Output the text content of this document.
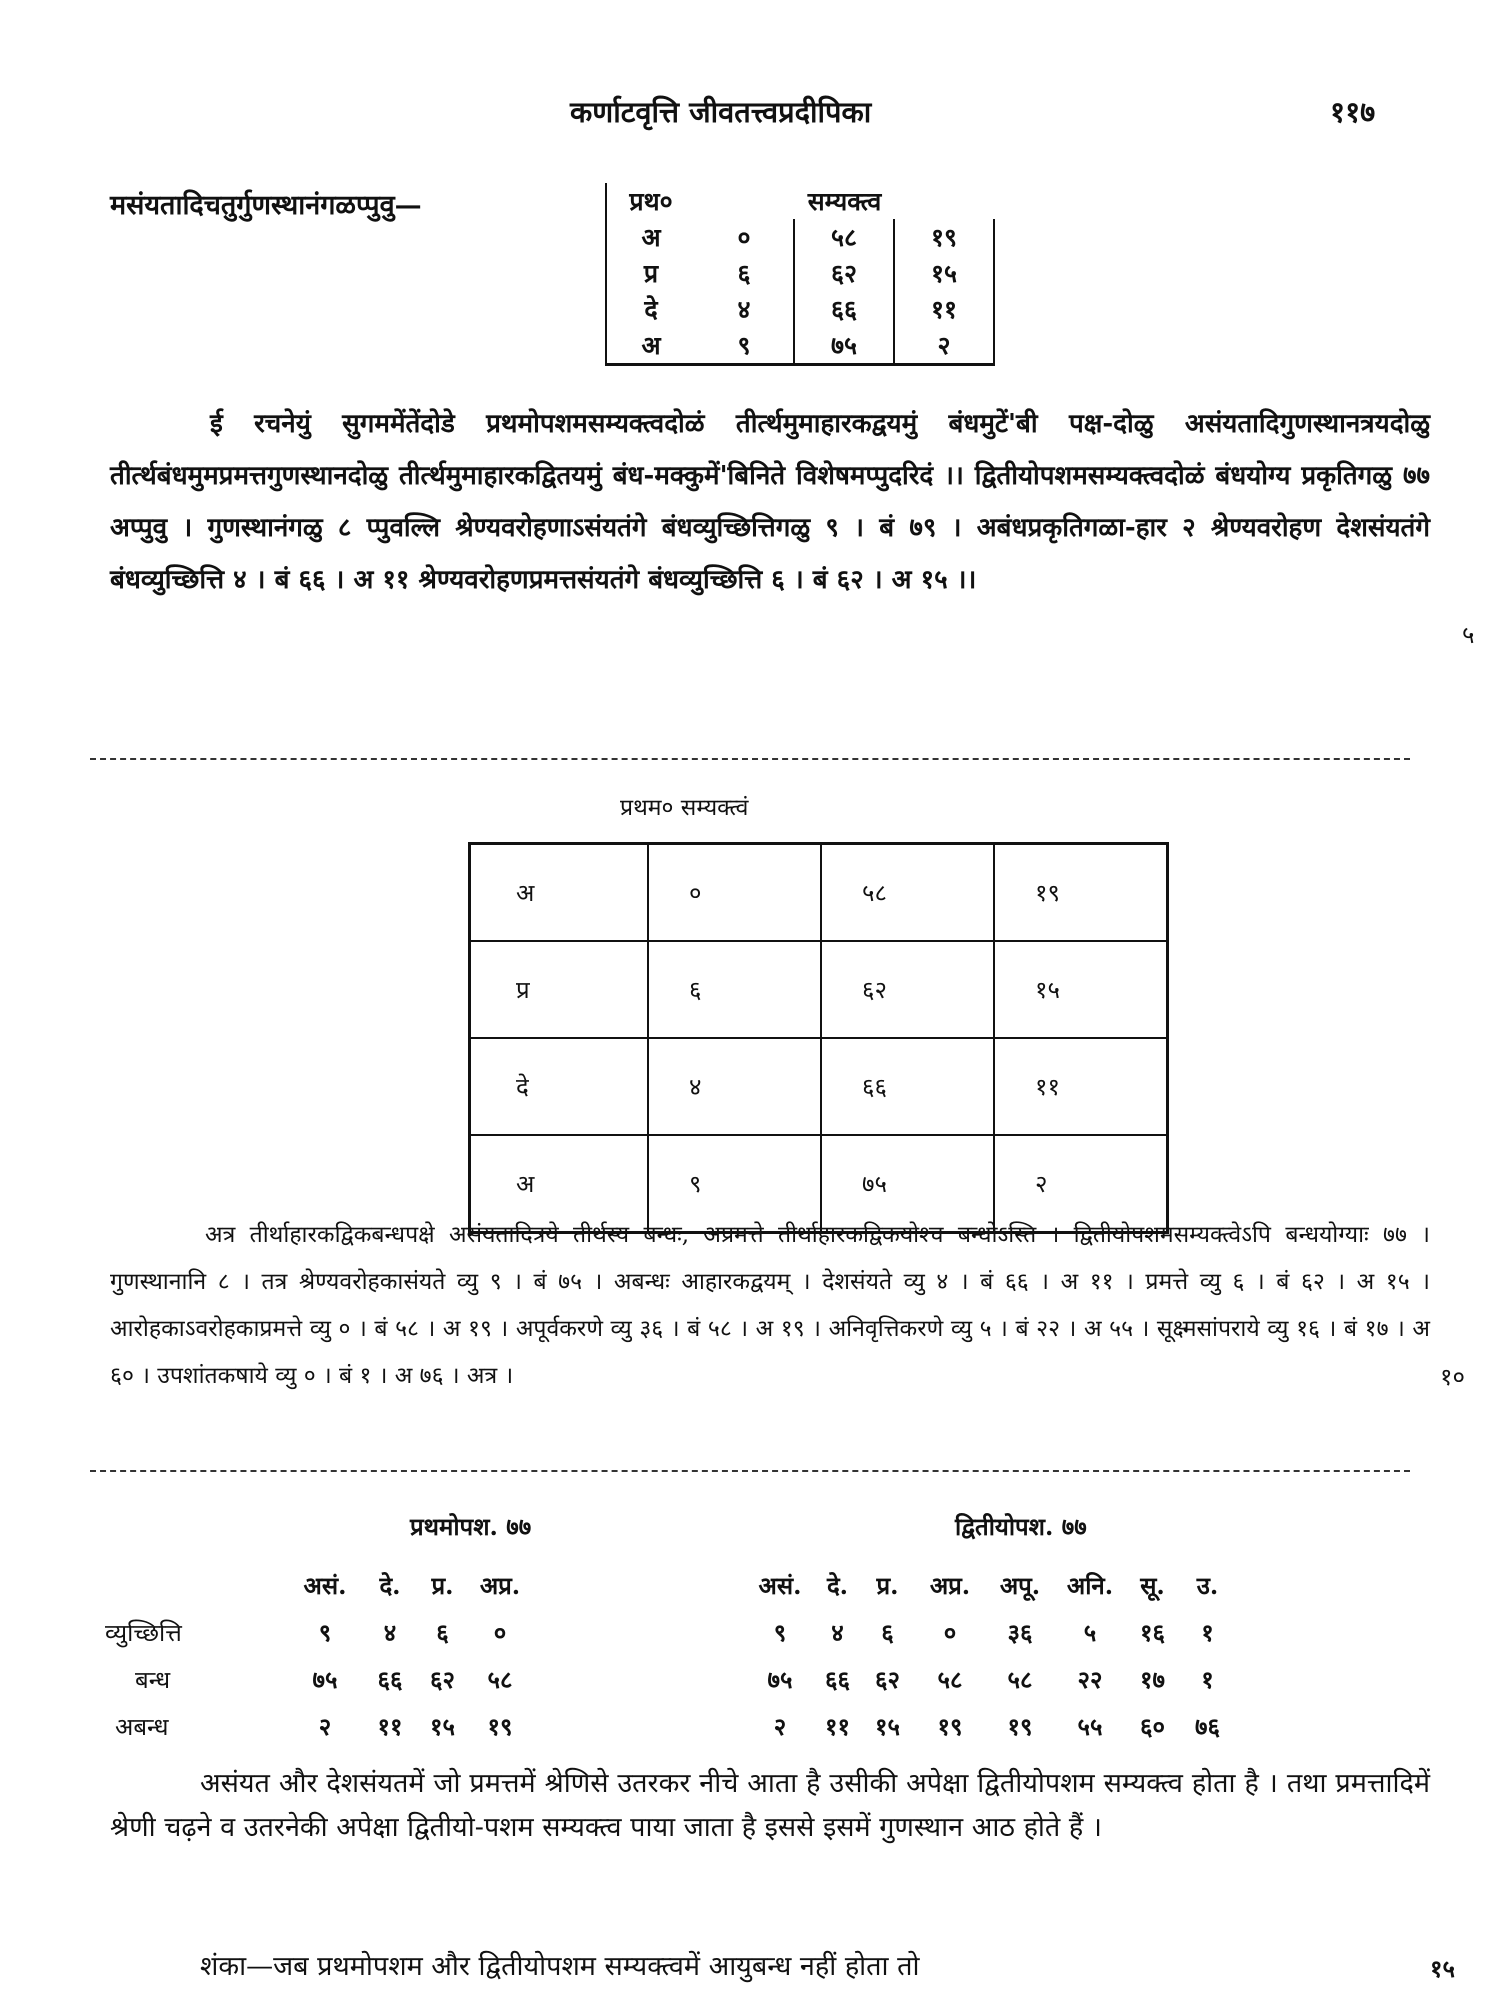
कर्णाटवृत्ति जीवतत्त्वप्रदीपिका	११७
मसंयतादिचतुर्गुणस्थानंगळप्पुवु—	प्रथ०	सम्यक्त्व		
अ	०	५८	१९
प्र	६	६२	१५
दे	४	६६	११
अ	९	७५	२

ई रचनेयुं सुगममेंतेंदोडे प्रथमोपशमसम्यक्त्वदोळं तीर्त्थमुमाहारकद्वयमुं बंधमुटें'बी पक्ष-दोळु असंयतादिगुणस्थानत्रयदोळु तीर्त्थबंधमुमप्रमत्तगुणस्थानदोळु तीर्त्थमुमाहारकद्वितयमुं बंध-मक्कुमें'बिनिते विशेषमप्पुदरिदं ।। द्वितीयोपशमसम्यक्त्वदोळं बंधयोग्य प्रकृतिगळु ७७ अप्पुवु । गुणस्थानंगळु ८ प्पुवल्लि श्रेण्यवरोहणाऽसंयतंगे बंधव्युच्छित्तिगळु ९ । बं ७९ । अबंधप्रकृतिगळा-हार २ श्रेण्यवरोहण देशसंयतंगे बंधव्युच्छित्ति ४ । बं ६६ । अ ११ श्रेण्यवरोहणप्रमत्तसंयतंगे बंधव्युच्छित्ति ६ । बं ६२ । अ १५ ।।

५
प्रथम० सम्यक्त्वं
अ	०	५८	१९
प्र	६	६२	१५
दे	४	६६	११
अ	९	७५	२

अत्र तीर्थाहारकद्विकबन्धपक्षे असंयतादित्रये तीर्थस्य बन्धः, अप्रमत्ते तीर्थाहारकद्विकयोश्च बन्धोऽस्ति । द्वितीयोपशमसम्यक्त्वेऽपि बन्धयोग्याः ७७ । गुणस्थानानि ८ । तत्र श्रेण्यवरोहकासंयते व्यु ९ । बं ७५ । अबन्धः आहारकद्वयम् । देशसंयते व्यु ४ । बं ६६ । अ ११ । प्रमत्ते व्यु ६ । बं ६२ । अ १५ । आरोहकाऽवरोहकाप्रमत्ते व्यु ० । बं ५८ । अ १९ । अपूर्वकरणे व्यु ३६ । बं ५८ । अ १९ । अनिवृत्तिकरणे व्यु ५ । बं २२ । अ ५५ । सूक्ष्मसांपराये व्यु १६ । बं १७ । अ ६० । उपशांतकषाये व्यु ० । बं १ । अ ७६ । अत्र ।	१०
प्रथमोपश. ७७	द्वितीयोपश. ७७
	असं.	दे.	प्र.	अप्र.
व्युच्छित्ति	९	४	६	०
बन्ध	७५	६६	६२	५८
अबन्ध	२	११	१५	१९
असं.	दे.	प्र.	अप्र.	अपू.	अनि.	सू.	उ.
९	४	६	०	३६	५	१६	१
७५	६६	६२	५८	५८	२२	१७	१
२	११	१५	१९	१९	५५	६०	७६

असंयत और देशसंयतमें जो प्रमत्तमें श्रेणिसे उतरकर नीचे आता है उसीकी अपेक्षा द्वितीयोपशम सम्यक्त्व होता है । तथा प्रमत्तादिमें श्रेणी चढ़ने व उतरनेकी अपेक्षा द्वितीयो-पशम सम्यक्त्व पाया जाता है इससे इसमें गुणस्थान आठ होते हैं ।

शंका—जब प्रथमोपशम और द्वितीयोपशम सम्यक्त्वमें आयुबन्ध नहीं होता तो	१५
